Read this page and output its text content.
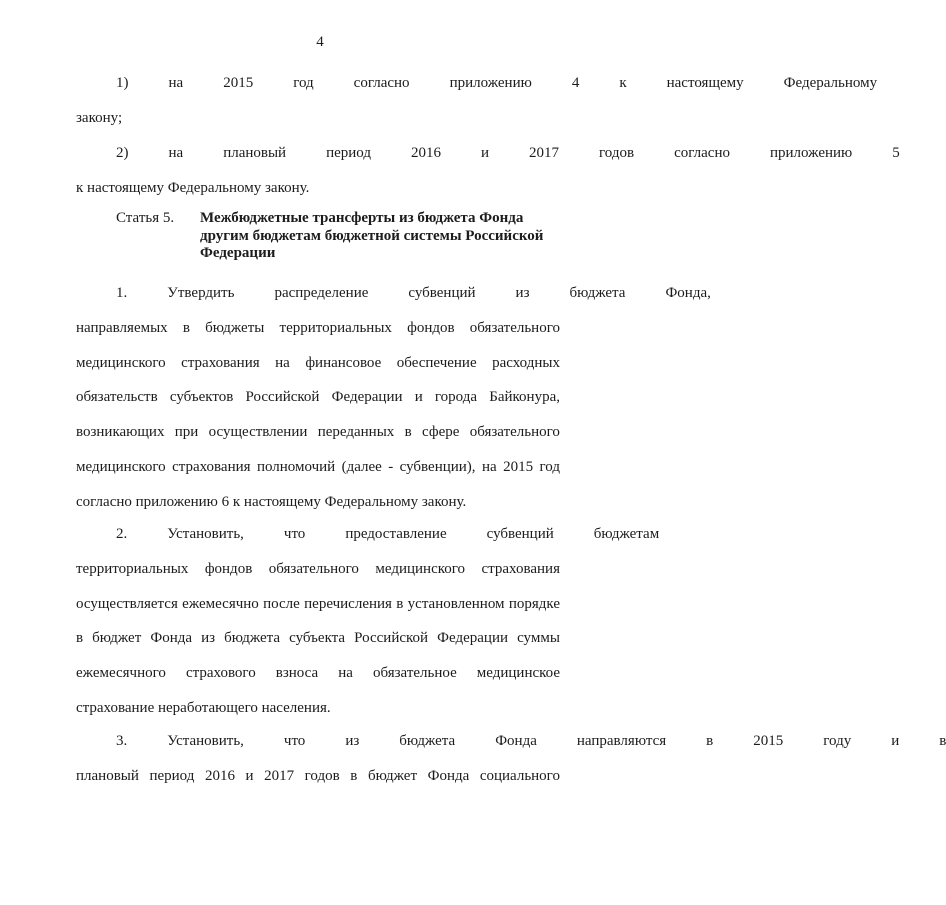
4

1)	на	2015	год	согласно	приложению	4	к	настоящему	Федеральному
закону;

2)	на	плановый	период	2016	и	2017	годов	согласно	приложению	5
к настоящему Федеральному закону.

Статья 5. Межбюджетные трансферты из бюджета Фонда
другим бюджетам бюджетной системы Российской
Федерации
1.	Утвердить	распределение	субвенций	из	бюджета	Фонда,
направляемых в бюджеты территориальных фондов обязательного
медицинского страхования на финансовое обеспечение расходных
обязательств субъектов Российской Федерации и города Байконура,
возникающих при осуществлении переданных в сфере обязательного
медицинского страхования полномочий (далее - субвенции), на 2015 год
согласно приложению 6 к настоящему Федеральному закону.
2.	Установить,	что	предоставление	субвенций	бюджетам
территориальных фондов обязательного медицинского страхования
осуществляется ежемесячно после перечисления в установленном порядке
в бюджет Фонда из бюджета субъекта Российской Федерации суммы
ежемесячного страхового взноса на обязательное медицинское
страхование неработающего населения.
3.	Установить,	что	из	бюджета	Фонда	направляются	в	2015	году	и	в
плановый период 2016 и 2017 годов в бюджет Фонда социального
